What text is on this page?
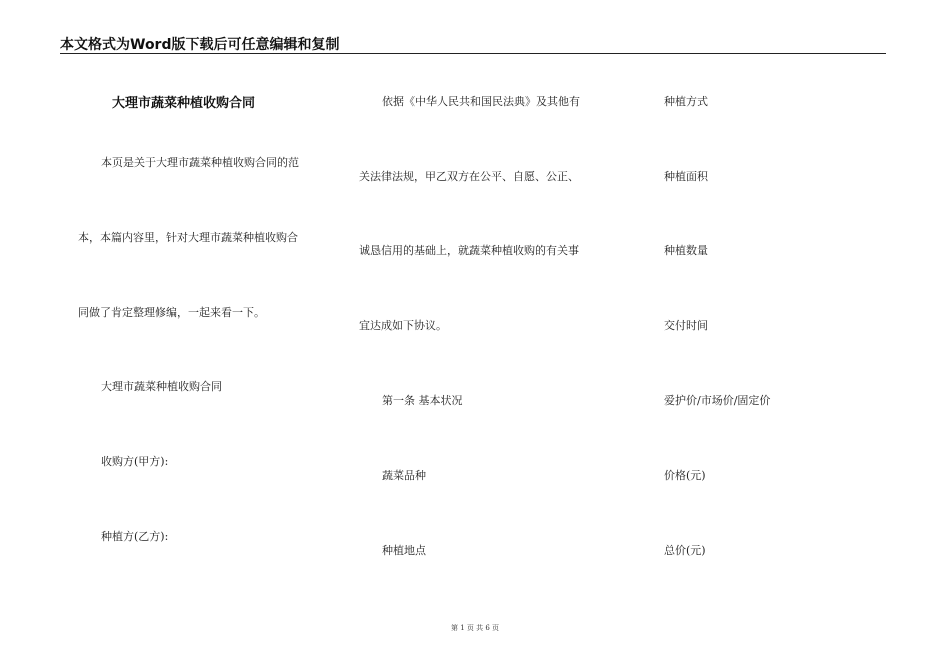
本文格式为Word版下载后可任意编辑和复制
大理市蔬菜种植收购合同
本页是关于大理市蔬菜种植收购合同的范
本，本篇内容里，针对大理市蔬菜种植收购合
同做了肯定整理修编，一起来看一下。
大理市蔬菜种植收购合同
收购方(甲方):
种植方(乙方):
依据《中华人民共和国民法典》及其他有
关法律法规，甲乙双方在公平、自愿、公正、
诚恳信用的基础上，就蔬菜种植收购的有关事
宜达成如下协议。
第一条 基本状况
蔬菜品种
种植地点
种植方式
种植面积
种植数量
交付时间
爱护价/市场价/固定价
价格(元)
总价(元)
第 1 页 共 6 页
